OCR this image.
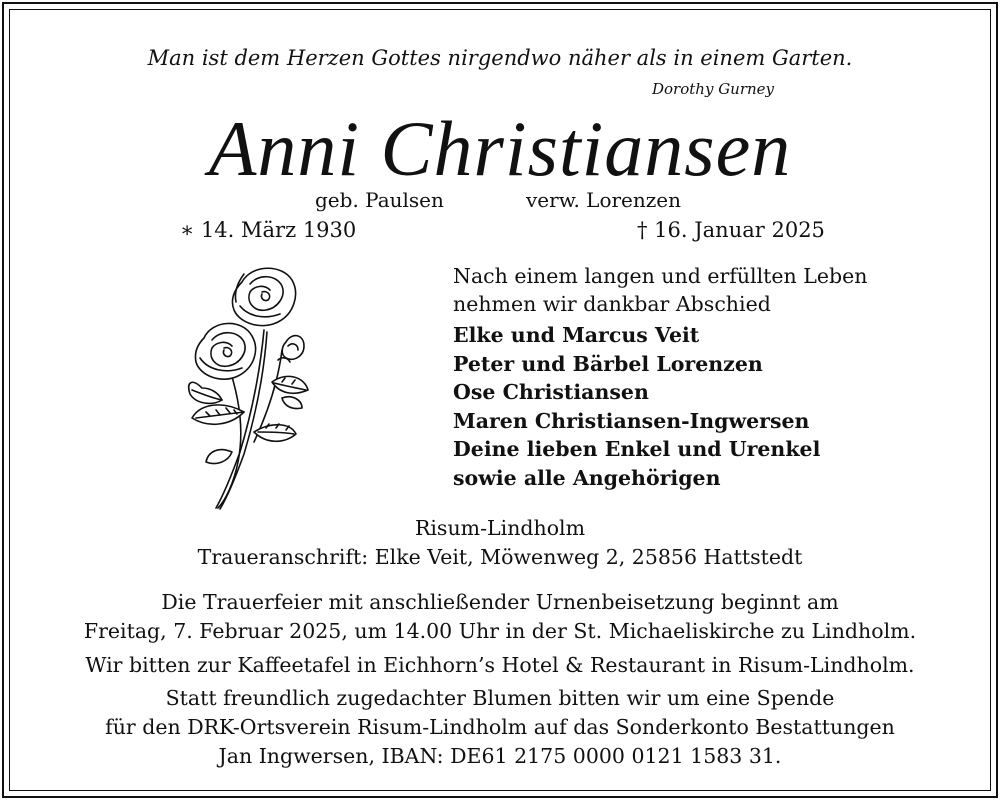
Man ist dem Herzen Gottes nirgendwo näher als in einem Garten.
Dorothy Gurney
Anni Christiansen
geb. Paulsen	verw. Lorenzen
∗ 14. März 1930	† 16. Januar 2025
Nach einem langen und erfüllten Leben
nehmen wir dankbar Abschied
Elke und Marcus Veit
Peter und Bärbel Lorenzen
Ose Christiansen
Maren Christiansen-Ingwersen
Deine lieben Enkel und Urenkel
sowie alle Angehörigen
Risum-Lindholm
Traueranschrift: Elke Veit, Möwenweg 2, 25856 Hattstedt
Die Trauerfeier mit anschließender Urnenbeisetzung beginnt am
Freitag, 7. Februar 2025, um 14.00 Uhr in der St. Michaeliskirche zu Lindholm.
Wir bitten zur Kaffeetafel in Eichhorn’s Hotel & Restaurant in Risum-Lindholm.
Statt freundlich zugedachter Blumen bitten wir um eine Spende
für den DRK-Ortsverein Risum-Lindholm auf das Sonderkonto Bestattungen
Jan Ingwersen, IBAN: DE61 2175 0000 0121 1583 31.
